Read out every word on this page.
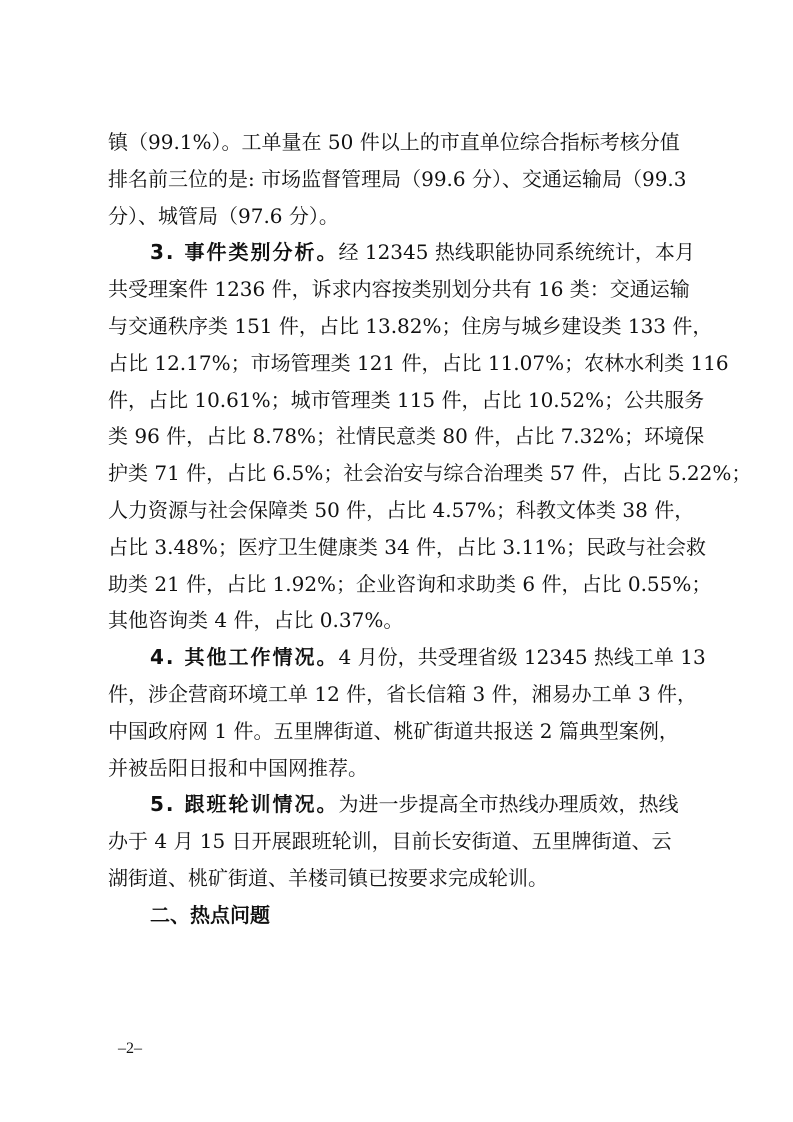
镇（99.1%）。工单量在 50 件以上的市直单位综合指标考核分值
排名前三位的是: 市场监督管理局（99.6 分）、交通运输局（99.3
分）、城管局（97.6 分）。
3. 事件类别分析。经 12345 热线职能协同系统统计，本月
共受理案件 1236 件，诉求内容按类别划分共有 16 类：交通运输
与交通秩序类 151 件，占比 13.82%；住房与城乡建设类 133 件，
占比 12.17%；市场管理类 121 件，占比 11.07%；农林水利类 116
件，占比 10.61%；城市管理类 115 件，占比 10.52%；公共服务
类 96 件，占比 8.78%；社情民意类 80 件，占比 7.32%；环境保
护类 71 件，占比 6.5%；社会治安与综合治理类 57 件，占比 5.22%；
人力资源与社会保障类 50 件，占比 4.57%；科教文体类 38 件，
占比 3.48%；医疗卫生健康类 34 件，占比 3.11%；民政与社会救
助类 21 件，占比 1.92%；企业咨询和求助类 6 件，占比 0.55%；
其他咨询类 4 件，占比 0.37%。
4. 其他工作情况。4 月份，共受理省级 12345 热线工单 13
件，涉企营商环境工单 12 件，省长信箱 3 件，湘易办工单 3 件，
中国政府网 1 件。五里牌街道、桃矿街道共报送 2 篇典型案例，
并被岳阳日报和中国网推荐。
5. 跟班轮训情况。为进一步提高全市热线办理质效，热线
办于 4 月 15 日开展跟班轮训，目前长安街道、五里牌街道、云
湖街道、桃矿街道、羊楼司镇已按要求完成轮训。
二、热点问题
–2–
